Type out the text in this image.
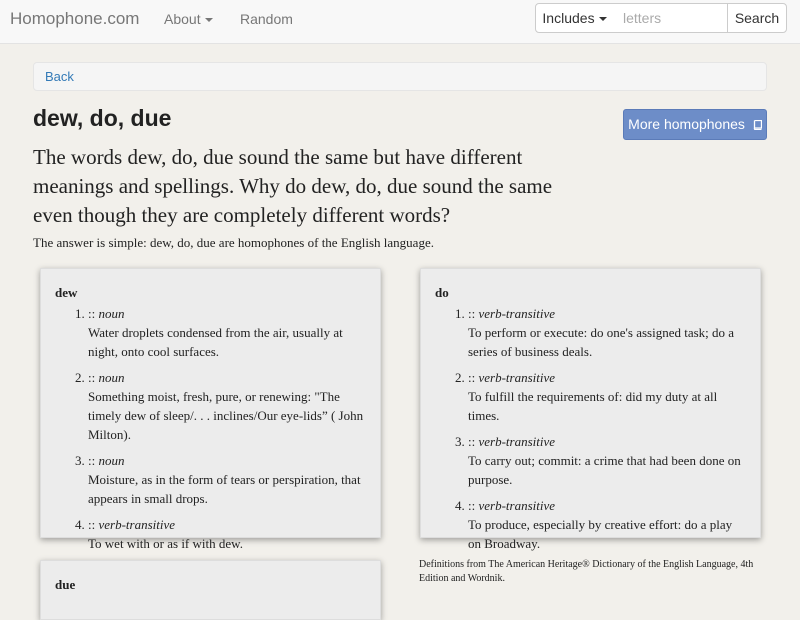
Homophone.com About	Random	Includes
letters	Search
Back
dew, do, due	More homophones

The words dew, do, due sound the same but have different meanings and spellings. Why do dew, do, due sound the same even though they are completely different words?

The answer is simple: dew, do, due are homophones of the English language.

dew
1. :: noun
Water droplets condensed from the air, usually at night, onto cool surfaces.
2. :: noun
Something moist, fresh, pure, or renewing: "The timely dew of sleep/. . . inclines/Our eye-lids” ( John Milton).
3. :: noun
Moisture, as in the form of tears or perspiration, that appears in small drops.
4. :: verb-transitive
To wet with or as if with dew.
do
1. :: verb-transitive
To perform or execute: do one's assigned task; do a series of business deals.
2. :: verb-transitive
To fulfill the requirements of: did my duty at all times.
3. :: verb-transitive
To carry out; commit: a crime that had been done on purpose.
4. :: verb-transitive
To produce, especially by creative effort: do a play on Broadway.
due

Definitions from The American Heritage® Dictionary of the English Language, 4th Edition and Wordnik.
